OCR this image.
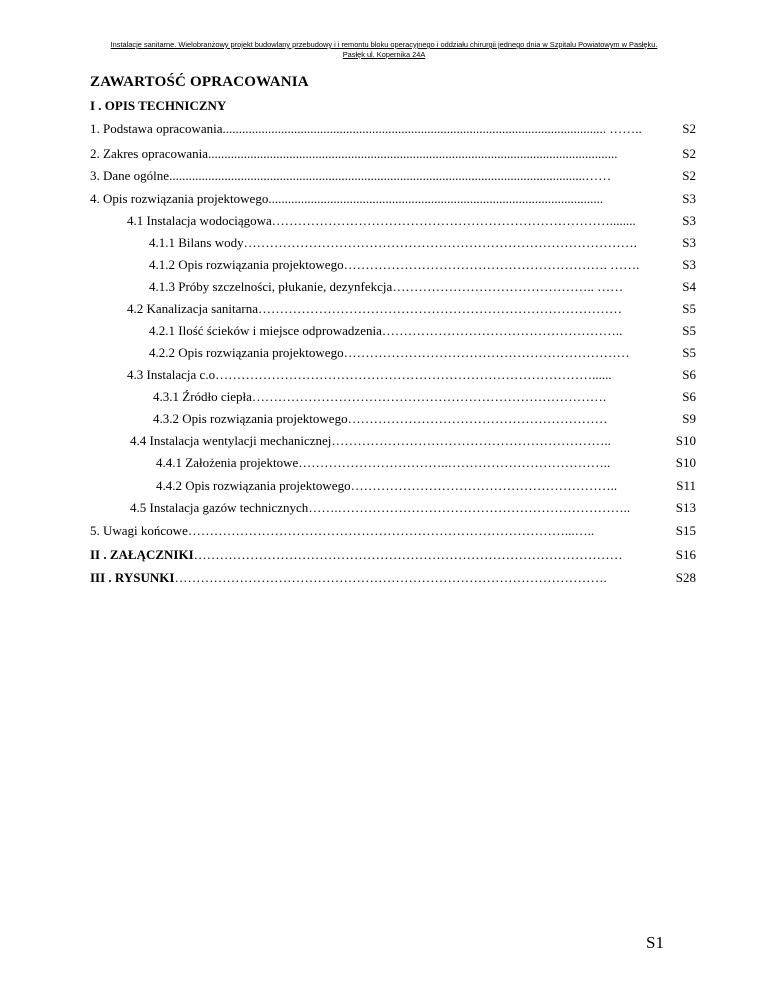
Instalacje sanitarne. Wielobranżowy projekt budowlany przebudowy i i remontu bloku operacyjnego i oddziału chirurgii jednego dnia w Szpitalu Powiatowym w Pasłęku.
Pasłęk ul. Kopernika 24A
ZAWARTOŚĆ OPRACOWANIA
I . OPIS TECHNICZNY
1. Podstawa opracowania ...................................................................................................................... ……..	S2
2. Zakres opracowania ..............................................................................................................................	S2
3. Dane ogólne ................................................................................................................................……	S2
4. Opis rozwiązania projektowego .......................................................................................................	S3
4.1 Instalacja wodociągowa ……………………………………………………………………........	S3
4.1.1 Bilans wody ……………………………………………………………………………….	S3
4.1.2 Opis rozwiązania projektowego ……………………………………………………. …….	S3
4.1.3 Próby szczelności, płukanie, dezynfekcja ……………………………………….. ……	S4
4.2 Kanalizacja sanitarna …………………………………………………………………………	S5
4.2.1 Ilość ścieków i miejsce odprowadzenia ………………………………………………..	S5
4.2.2 Opis rozwiązania projektowego …………………………………………………………	S5
4.3 Instalacja c.o ……………………………………………………………………………......	S6
4.3.1 Źródło ciepła ……………………………………………………………………….	S6
4.3.2 Opis rozwiązania projektowego ……………………………………………………	S9
4.4 Instalacja wentylacji mechanicznej ………………………………………………………..	S10
4.4.1 Założenia projektowe ……………………………..………………………………..	S10
4.4.2 Opis rozwiązania projektowego ……………………………………………………..	S11
4.5 Instalacja gazów technicznych …….…………………………………………………………..	S13
5. Uwagi końcowe ……………………………………………………………………………...…..	S15
II . ZAŁĄCZNIKI ………………………………………………………………………………………	S16
III . RYSUNKI ……………………………………………………………………………………….	S28
S1
